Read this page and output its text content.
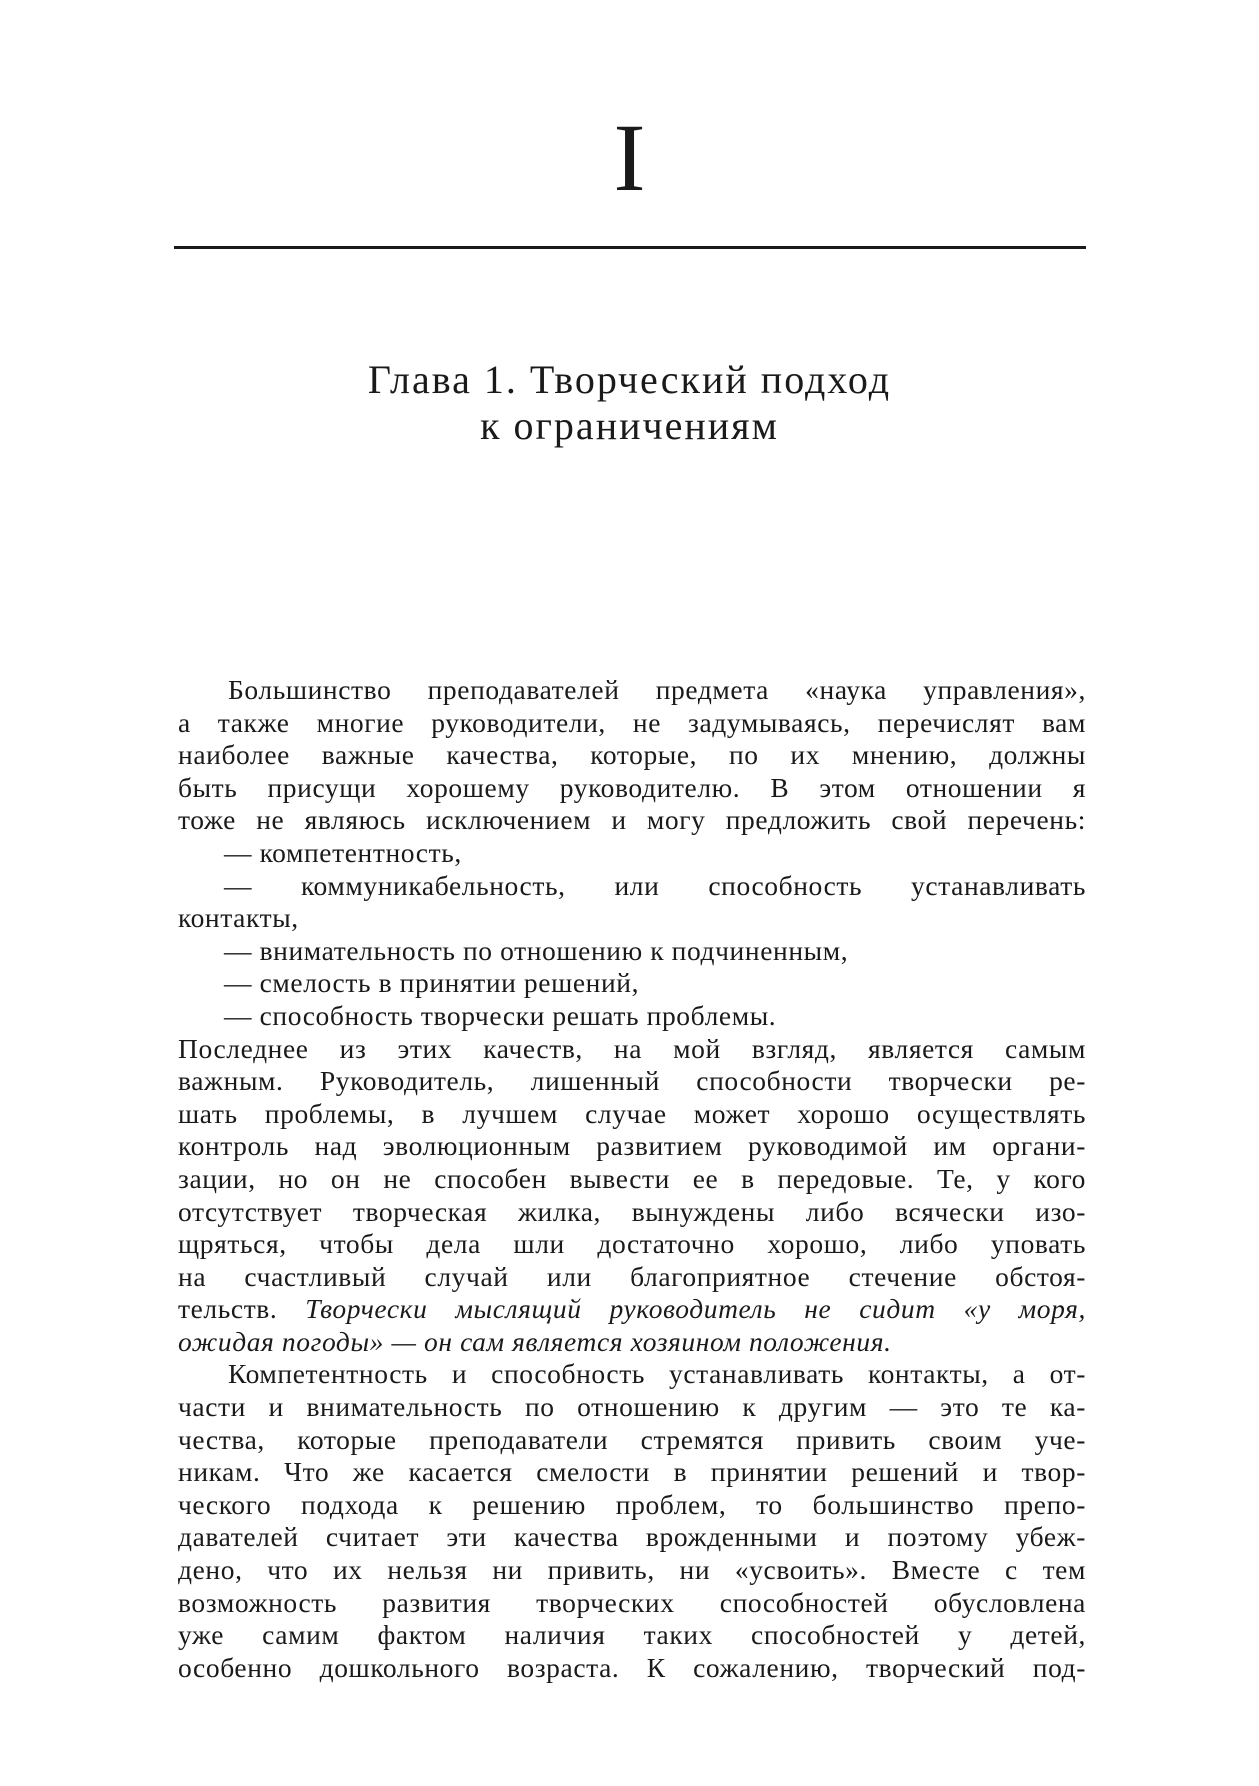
I
Глава 1. Творческий подход
к ограничениям
Большинство преподавателей предмета «наука управления»,
а также многие руководители, не задумываясь, перечислят вам
наиболее важные качества, которые, по их мнению, должны
быть присущи хорошему руководителю. В этом отношении я
тоже не являюсь исключением и могу предложить свой перечень:
— компетентность,
— коммуникабельность, или способность устанавливать
контакты,
— внимательность по отношению к подчиненным,
— смелость в принятии решений,
— способность творчески решать проблемы.
Последнее из этих качеств, на мой взгляд, является самым
важным. Руководитель, лишенный способности творчески ре-
шать проблемы, в лучшем случае может хорошо осуществлять
контроль над эволюционным развитием руководимой им органи-
зации, но он не способен вывести ее в передовые. Те, у кого
отсутствует творческая жилка, вынуждены либо всячески изо-
щряться, чтобы дела шли достаточно хорошо, либо уповать
на счастливый случай или благоприятное стечение обстоя-
тельств. Творчески мыслящий руководитель не сидит «у моря,
ожидая погоды» — он сам является хозяином положения.
Компетентность и способность устанавливать контакты, а от-
части и внимательность по отношению к другим — это те ка-
чества, которые преподаватели стремятся привить своим уче-
никам. Что же касается смелости в принятии решений и твор-
ческого подхода к решению проблем, то большинство препо-
давателей считает эти качества врожденными и поэтому убеж-
дено, что их нельзя ни привить, ни «усвоить». Вместе с тем
возможность развития творческих способностей обусловлена
уже самим фактом наличия таких способностей у детей,
особенно дошкольного возраста. К сожалению, творческий под-
